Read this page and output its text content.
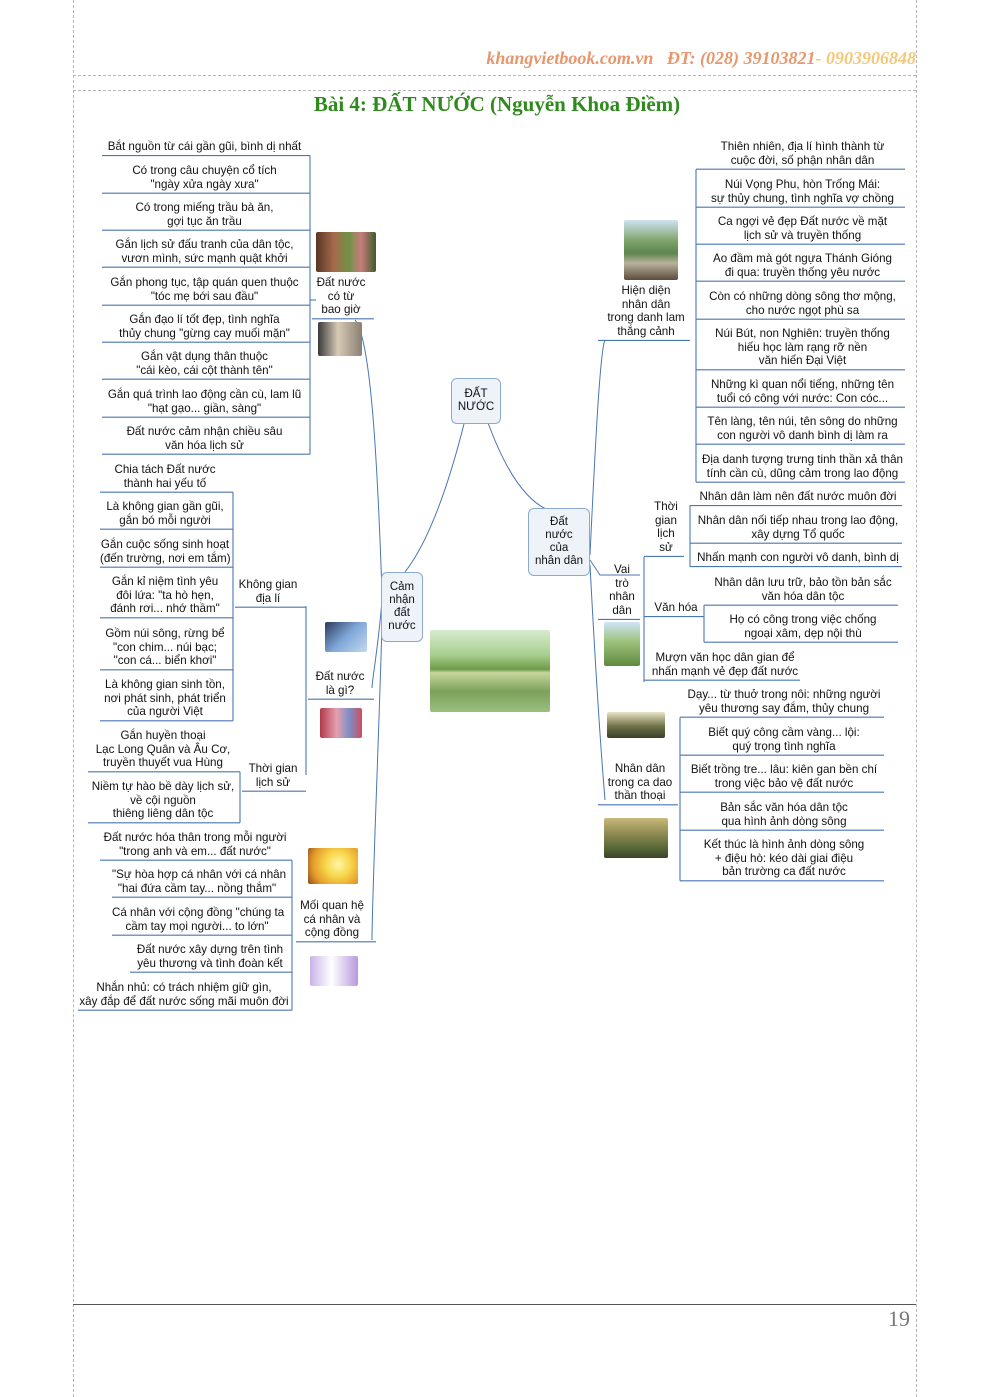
khangvietbook.com.vn ĐT: (028) 39103821- 0903906848
Bài 4: ĐẤT NƯỚC (Nguyễn Khoa Điềm)
19
ĐẤT
NƯỚC
Cảm
nhận
đất
nước
Đất
nước
của
nhân dân
Bắt nguồn từ cái gần gũi, bình dị nhất
Có trong câu chuyện cổ tích
"ngày xửa ngày xưa"
Có trong miếng trầu bà ăn,
gợi tục ăn trầu
Gắn lịch sử đấu tranh của dân tộc,
vươn mình, sức mạnh quật khởi
Gắn phong tục, tập quán quen thuộc
"tóc mẹ bới sau đầu"
Gắn đạo lí tốt đẹp, tình nghĩa
thủy chung "gừng cay muối mặn"
Gắn vật dụng thân thuộc
"cái kèo, cái cột thành tên"
Gắn quá trình lao động cần cù, lam lũ
"hạt gạo... giần, sàng"
Đất nước cảm nhận chiều sâu
văn hóa lịch sử
Đất nước
có từ
bao giờ
Chia tách Đất nước
thành hai yếu tố
Là không gian gần gũi,
gắn bó mỗi người
Gắn cuộc sống sinh hoạt
(đến trường, nơi em tắm)
Gắn kỉ niệm tình yêu
đôi lứa: "ta hò hẹn,
đánh rơi... nhớ thầm"
Gồm núi sông, rừng bể
"con chim... núi bạc;
"con cá... biển khơi"
Là không gian sinh tồn,
nơi phát sinh, phát triển
của người Việt
Không gian
địa lí
Gắn huyền thoại
Lạc Long Quân và Âu Cơ,
truyền thuyết vua Hùng
Niềm tự hào bề dày lịch sử,
về cội nguồn
thiêng liêng dân tộc
Thời gian
lịch sử
Đất nước
là gì?
Đất nước hóa thân trong mỗi người
"trong anh và em... đất nước"
"Sự hòa hợp cá nhân với cá nhân
"hai đứa cầm tay... nồng thắm"
Cá nhân với cộng đồng "chúng ta
cầm tay mọi người... to lớn"
Đất nước xây dựng trên tình
yêu thương và tình đoàn kết
Nhắn nhủ: có trách nhiệm giữ gìn,
xây đắp để đất nước sống mãi muôn đời
Mối quan hệ
cá nhân và
cộng đồng
Thiên nhiên, địa lí hình thành từ
cuộc đời, số phận nhân dân
Núi Vọng Phu, hòn Trống Mái:
sự thủy chung, tình nghĩa vợ chồng
Ca ngợi vẻ đẹp Đất nước về mặt
lịch sử và truyền thống
Ao đầm mà gót ngựa Thánh Gióng
đi qua: truyền thống yêu nước
Còn có những dòng sông thơ mộng,
cho nước ngọt phù sa
Núi Bút, non Nghiên: truyền thống
hiếu học làm rạng rỡ nền
văn hiến Đại Việt
Những kì quan nổi tiếng, những tên
tuổi có công với nước: Con cóc...
Tên làng, tên núi, tên sông do những
con người vô danh bình dị làm ra
Địa danh tượng trưng tinh thần xả thân
tính cần cù, dũng cảm trong lao động
Hiện diện
nhân dân
trong danh lam
thắng cảnh
Nhân dân làm nên đất nước muôn đời
Nhân dân nối tiếp nhau trong lao động,
xây dựng Tổ quốc
Nhấn mạnh con người vô danh, bình dị
Thời
gian
lịch
sử
Nhân dân lưu trữ, bảo tồn bản sắc
văn hóa dân tộc
Họ có công trong việc chống
ngoại xâm, dẹp nội thù
Văn hóa
Mượn văn học dân gian để
nhấn mạnh vẻ đẹp đất nước
Vai
trò
nhân
dân
Dạy... từ thuở trong nôi: những người
yêu thương say đắm, thủy chung
Biết quý công cầm vàng... lội:
quý trọng tình nghĩa
Biết trồng tre... lâu: kiên gan bền chí
trong việc bảo vệ đất nước
Bản sắc văn hóa dân tộc
qua hình ảnh dòng sông
Kết thúc là hình ảnh dòng sông
+ điệu hò: kéo dài giai điệu
bản trường ca đất nước
Nhân dân
trong ca dao
thần thoại
